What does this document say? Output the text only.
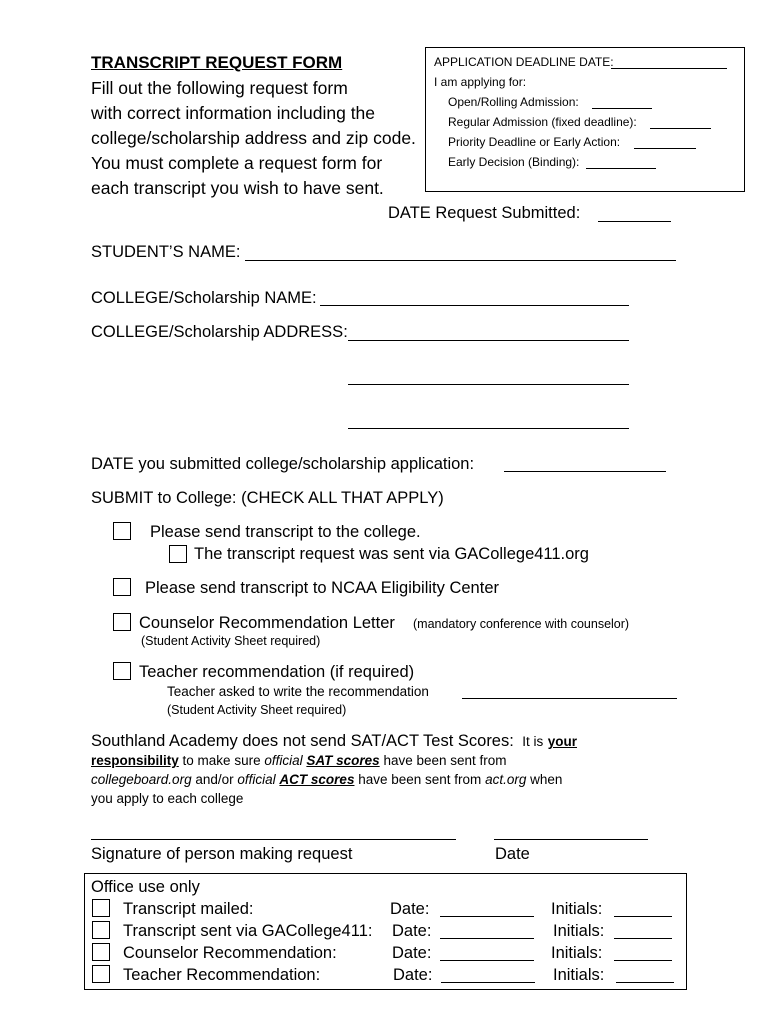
TRANSCRIPT REQUEST FORM
Fill out the following request form
with correct information including the
college/scholarship address and zip code.
You must complete a request form for
each transcript you wish to have sent.
APPLICATION DEADLINE DATE:
I am applying for:
Open/Rolling Admission:
Regular Admission (fixed deadline):
Priority Deadline or Early Action:
Early Decision (Binding):
DATE Request Submitted:
STUDENT’S NAME:
COLLEGE/Scholarship NAME:
COLLEGE/Scholarship ADDRESS:
DATE you submitted college/scholarship application:
SUBMIT to College: (CHECK ALL THAT APPLY)
Please send transcript to the college.
The transcript request was sent via GACollege411.org
Please send transcript to NCAA Eligibility Center
Counselor Recommendation Letter (mandatory conference with counselor)
(Student Activity Sheet required)
Teacher recommendation (if required)
Teacher asked to write the recommendation
(Student Activity Sheet required)
Southland Academy does not send SAT/ACT Test Scores: It is your
responsibility to make sure official SAT scores have been sent from
collegeboard.org and/or official ACT scores have been sent from act.org when
you apply to each college
Signature of person making request	Date
Office use only
Transcript mailed:	Date:	Initials:
Transcript sent via GACollege411: Date:	Initials:
Counselor Recommendation:	Date:	Initials:
Teacher Recommendation:	Date:	Initials:
